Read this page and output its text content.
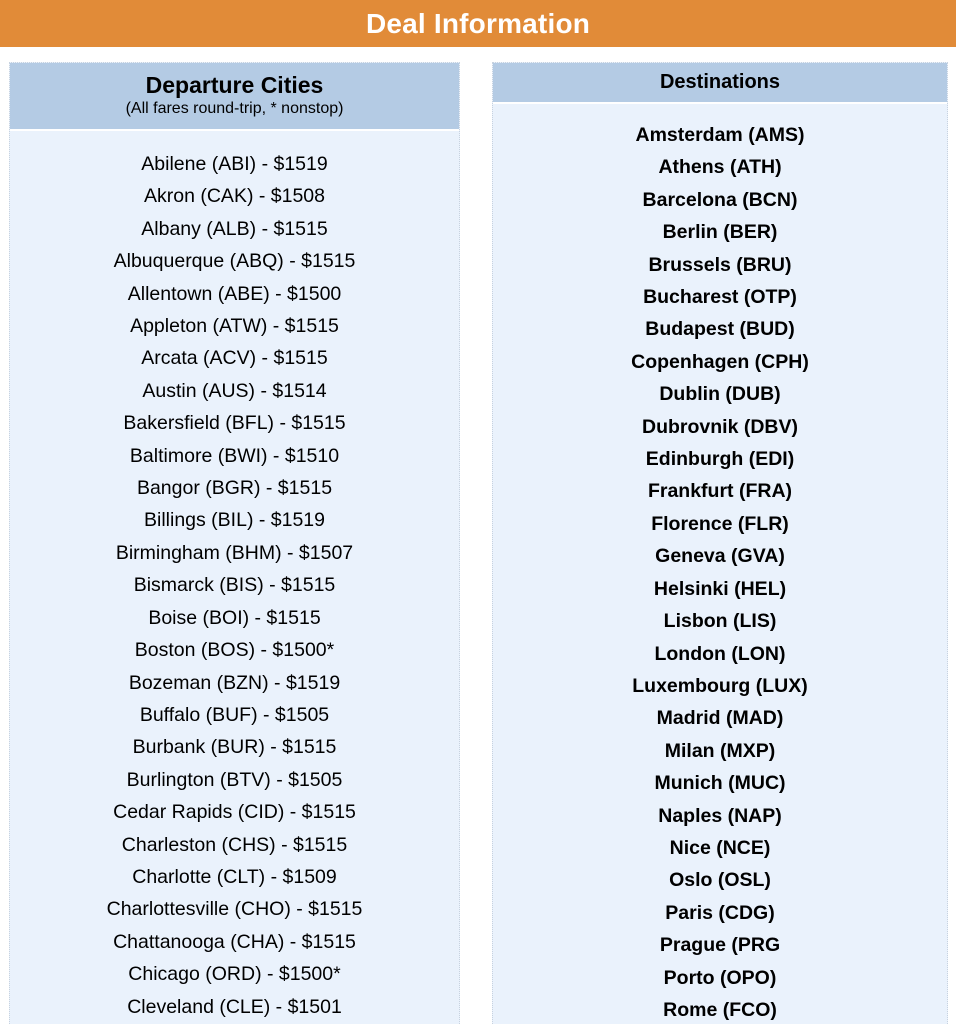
Deal Information
Departure Cities
(All fares round-trip, * nonstop)
Abilene (ABI) - $1519
Akron (CAK) - $1508
Albany (ALB) - $1515
Albuquerque (ABQ) - $1515
Allentown (ABE) - $1500
Appleton (ATW) - $1515
Arcata (ACV) - $1515
Austin (AUS) - $1514
Bakersfield (BFL) - $1515
Baltimore (BWI) - $1510
Bangor (BGR) - $1515
Billings (BIL) - $1519
Birmingham (BHM) - $1507
Bismarck (BIS) - $1515
Boise (BOI) - $1515
Boston (BOS) - $1500*
Bozeman (BZN) - $1519
Buffalo (BUF) - $1505
Burbank (BUR) - $1515
Burlington (BTV) - $1505
Cedar Rapids (CID) - $1515
Charleston (CHS) - $1515
Charlotte (CLT) - $1509
Charlottesville (CHO) - $1515
Chattanooga (CHA) - $1515
Chicago (ORD) - $1500*
Cleveland (CLE) - $1501
Destinations
Amsterdam (AMS)
Athens (ATH)
Barcelona (BCN)
Berlin (BER)
Brussels (BRU)
Bucharest (OTP)
Budapest (BUD)
Copenhagen (CPH)
Dublin (DUB)
Dubrovnik (DBV)
Edinburgh (EDI)
Frankfurt (FRA)
Florence (FLR)
Geneva (GVA)
Helsinki (HEL)
Lisbon (LIS)
London (LON)
Luxembourg (LUX)
Madrid (MAD)
Milan (MXP)
Munich (MUC)
Naples (NAP)
Nice (NCE)
Oslo (OSL)
Paris (CDG)
Prague (PRG
Porto (OPO)
Rome (FCO)
